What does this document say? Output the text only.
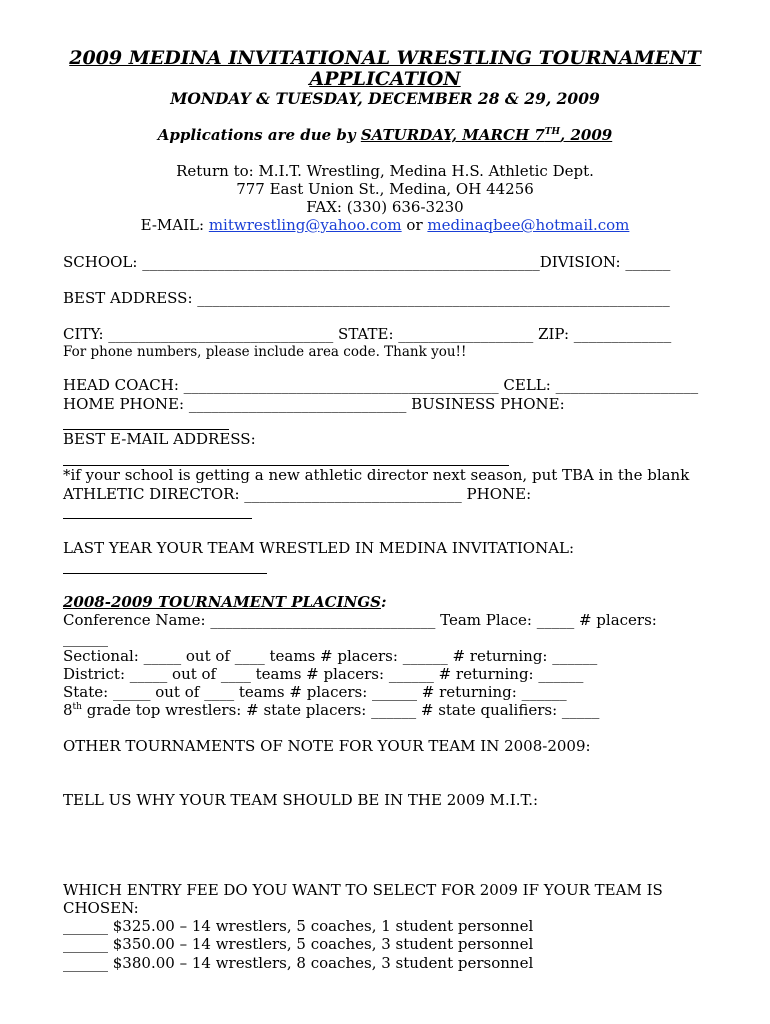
2009 MEDINA INVITATIONAL WRESTLING TOURNAMENT
APPLICATION
MONDAY & TUESDAY, DECEMBER 28 & 29, 2009
Applications are due by SATURDAY, MARCH 7TH, 2009
Return to: M.I.T. Wrestling, Medina H.S. Athletic Dept.
777 East Union St., Medina, OH 44256
FAX: (330) 636-3230
E-MAIL: mitwrestling@yahoo.com or medinaqbee@hotmail.com
SCHOOL: _____________________________________________________DIVISION: ______
BEST ADDRESS: _______________________________________________________________
CITY: ______________________________ STATE: __________________ ZIP: _____________
For phone numbers, please include area code. Thank you!!
HEAD COACH: __________________________________________ CELL: ___________________
HOME PHONE: _____________________________ BUSINESS PHONE:
BEST E-MAIL ADDRESS:
*if your school is getting a new athletic director next season, put TBA in the blank
ATHLETIC DIRECTOR: _____________________________ PHONE:
LAST YEAR YOUR TEAM WRESTLED IN MEDINA INVITATIONAL:
2008-2009 TOURNAMENT PLACINGS:
Conference Name: ______________________________ Team Place: _____ # placers:
______
Sectional: _____ out of ____ teams # placers: ______ # returning: ______
District: _____ out of ____ teams # placers: ______ # returning: ______
State: _____ out of ____ teams # placers: ______ # returning: ______
8th grade top wrestlers: # state placers: ______ # state qualifiers: _____
OTHER TOURNAMENTS OF NOTE FOR YOUR TEAM IN 2008-2009:
TELL US WHY YOUR TEAM SHOULD BE IN THE 2009 M.I.T.:
WHICH ENTRY FEE DO YOU WANT TO SELECT FOR 2009 IF YOUR TEAM IS
CHOSEN:
______ $325.00 – 14 wrestlers, 5 coaches, 1 student personnel
______ $350.00 – 14 wrestlers, 5 coaches, 3 student personnel
______ $380.00 – 14 wrestlers, 8 coaches, 3 student personnel
